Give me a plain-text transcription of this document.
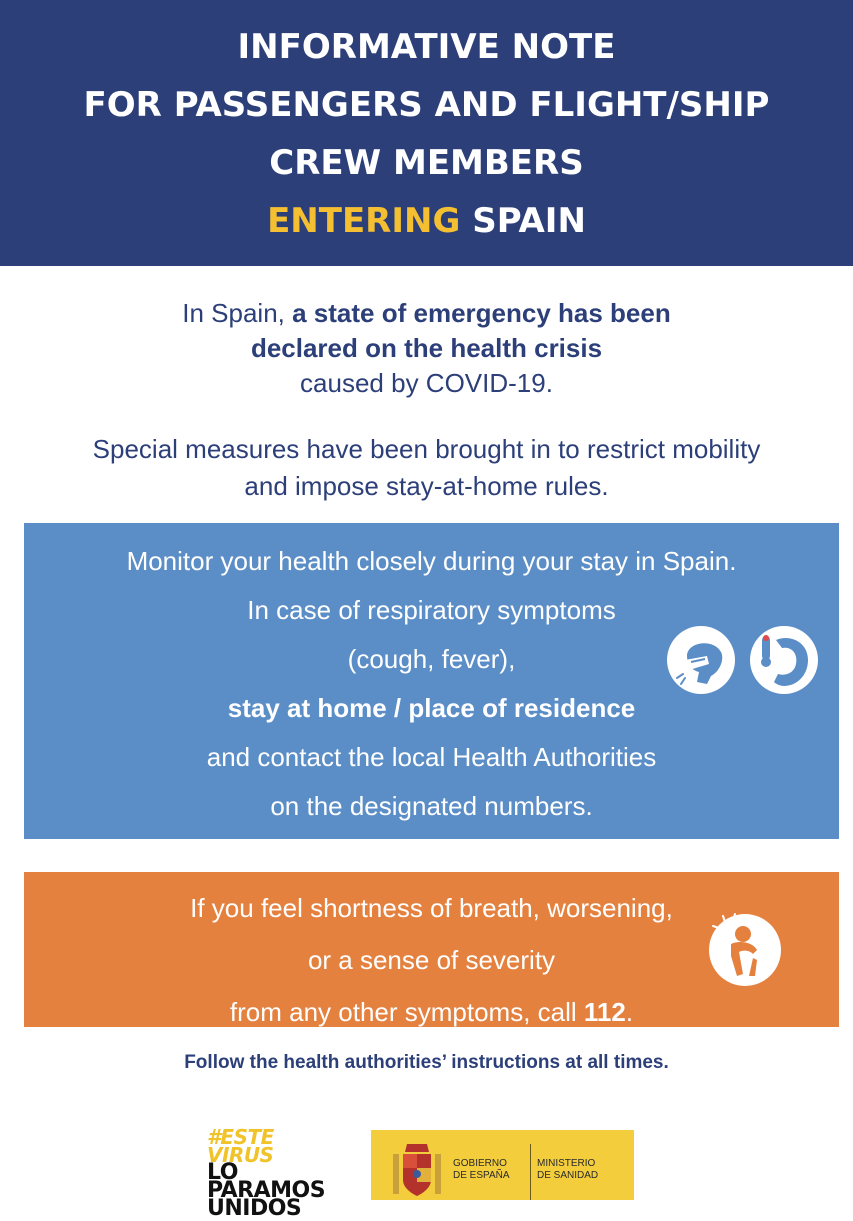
INFORMATIVE NOTE
FOR PASSENGERS AND FLIGHT/SHIP
CREW MEMBERS
ENTERING SPAIN
In Spain, a state of emergency has been
declared on the health crisis
caused by COVID-19.
Special measures have been brought in to restrict mobility
and impose stay-at-home rules.
Monitor your health closely during your stay in Spain.
In case of respiratory symptoms
(cough, fever),
stay at home / place of residence
and contact the local Health Authorities
on the designated numbers.
If you feel shortness of breath, worsening,
or a sense of severity
from any other symptoms, call 112.
Follow the health authorities’ instructions at all times.
#ESTE
VIRUS
LO
PARAMOS
UNIDOS
GOBIERNO
DE ESPAÑA
MINISTERIO
DE SANIDAD
